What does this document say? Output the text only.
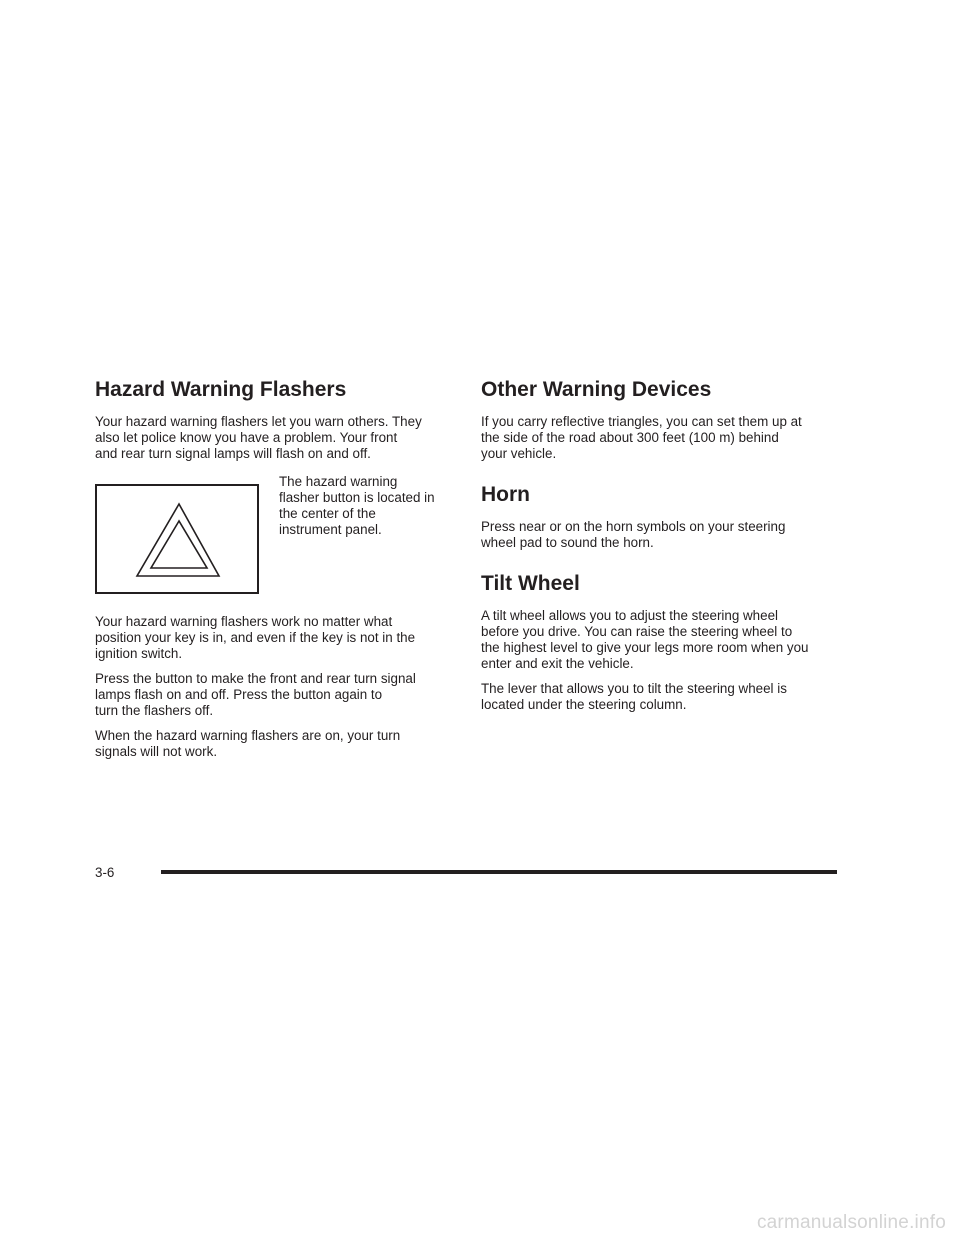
Hazard Warning Flashers

Your hazard warning flashers let you warn others. They
also let police know you have a problem. Your front
and rear turn signal lamps will flash on and off.

The hazard warning
flasher button is located in
the center of the
instrument panel.

Your hazard warning flashers work no matter what
position your key is in, and even if the key is not in the
ignition switch.

Press the button to make the front and rear turn signal
lamps flash on and off. Press the button again to
turn the flashers off.

When the hazard warning flashers are on, your turn
signals will not work.

Other Warning Devices

If you carry reflective triangles, you can set them up at
the side of the road about 300 feet (100 m) behind
your vehicle.

Horn

Press near or on the horn symbols on your steering
wheel pad to sound the horn.

Tilt Wheel

A tilt wheel allows you to adjust the steering wheel
before you drive. You can raise the steering wheel to
the highest level to give your legs more room when you
enter and exit the vehicle.

The lever that allows you to tilt the steering wheel is
located under the steering column.

3-6
carmanualsonline.info
